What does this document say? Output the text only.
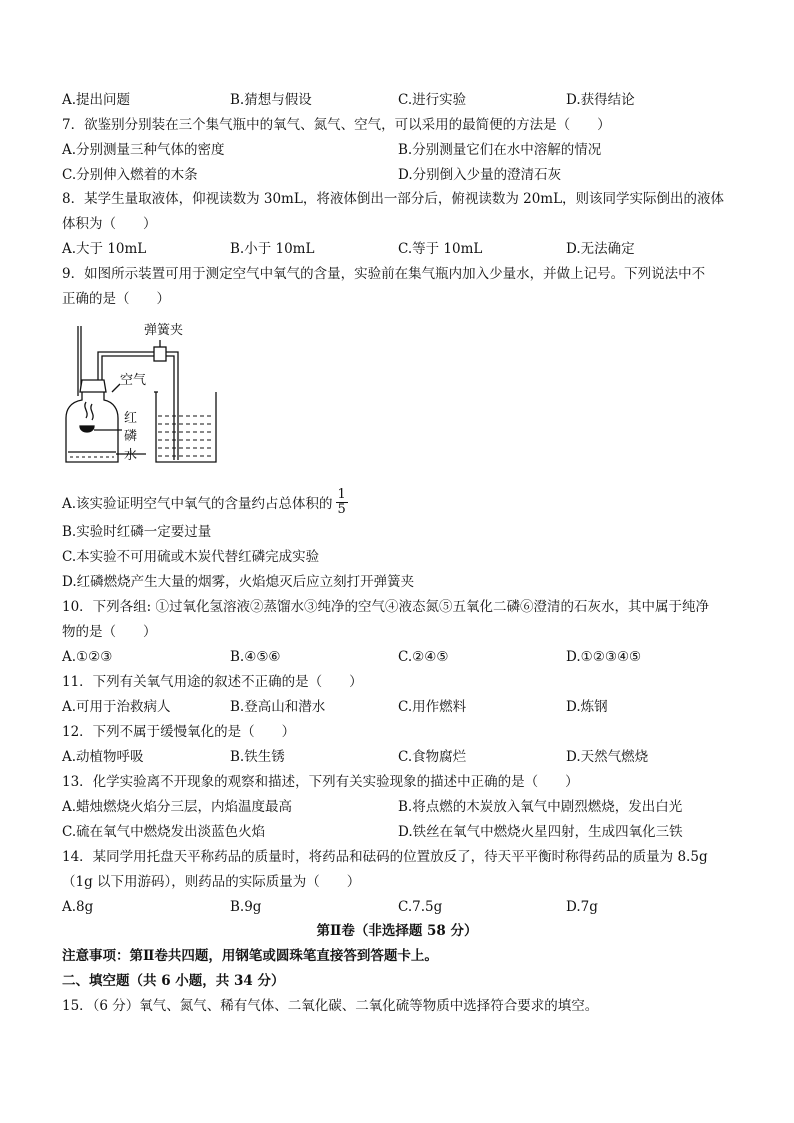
A.提出问题	B.猜想与假设	C.进行实验	D.获得结论
7．欲鉴别分别装在三个集气瓶中的氧气、氮气、空气，可以采用的最简便的方法是（　　）
A.分别测量三种气体的密度	B.分别测量它们在水中溶解的情况
C.分别伸入燃着的木条	D.分别倒入少量的澄清石灰
8．某学生量取液体，仰视读数为 30mL，将液体倒出一部分后，俯视读数为 20mL，则该同学实际倒出的液体
体积为（　　）
A.大于 10mL	B.小于 10mL	C.等于 10mL	D.无法确定
9．如图所示装置可用于测定空气中氧气的含量，实验前在集气瓶内加入少量水，并做上记号。下列说法中不
正确的是（　　）
弹簧夹
空气
红
磷
水
A.该实验证明空气中氧气的含量约占总体积的 $\frac{1}{5}$
B.实验时红磷一定要过量
C.本实验不可用硫或木炭代替红磷完成实验
D.红磷燃烧产生大量的烟雾，火焰熄灭后应立刻打开弹簧夹
10．下列各组: ①过氧化氢溶液②蒸馏水③纯净的空气④液态氮⑤五氧化二磷⑥澄清的石灰水，其中属于纯净
物的是（　　）
A.①②③	B.④⑤⑥	C.②④⑤	D.①②③④⑤
11．下列有关氧气用途的叙述不正确的是（　　）
A.可用于治救病人	B.登高山和潜水	C.用作燃料	D.炼钢
12．下列不属于缓慢氧化的是（　　）
A.动植物呼吸	B.铁生锈	C.食物腐烂	D.天然气燃烧
13．化学实验离不开现象的观察和描述，下列有关实验现象的描述中正确的是（　　）
A.蜡烛燃烧火焰分三层，内焰温度最高	B.将点燃的木炭放入氧气中剧烈燃烧，发出白光
C.硫在氧气中燃烧发出淡蓝色火焰	D.铁丝在氧气中燃烧火星四射，生成四氧化三铁
14．某同学用托盘天平称药品的质量时，将药品和砝码的位置放反了，待天平平衡时称得药品的质量为 8.5g
（1g 以下用游码），则药品的实际质量为（　　）
A.8g	B.9g	C.7.5g	D.7g
第Ⅱ卷（非选择题 58 分）
注意事项：第Ⅱ卷共四题，用钢笔或圆珠笔直接答到答题卡上。
二、填空题（共 6 小题，共 34 分）
15．（6 分）氧气、氮气、稀有气体、二氧化碳、二氧化硫等物质中选择符合要求的填空。
